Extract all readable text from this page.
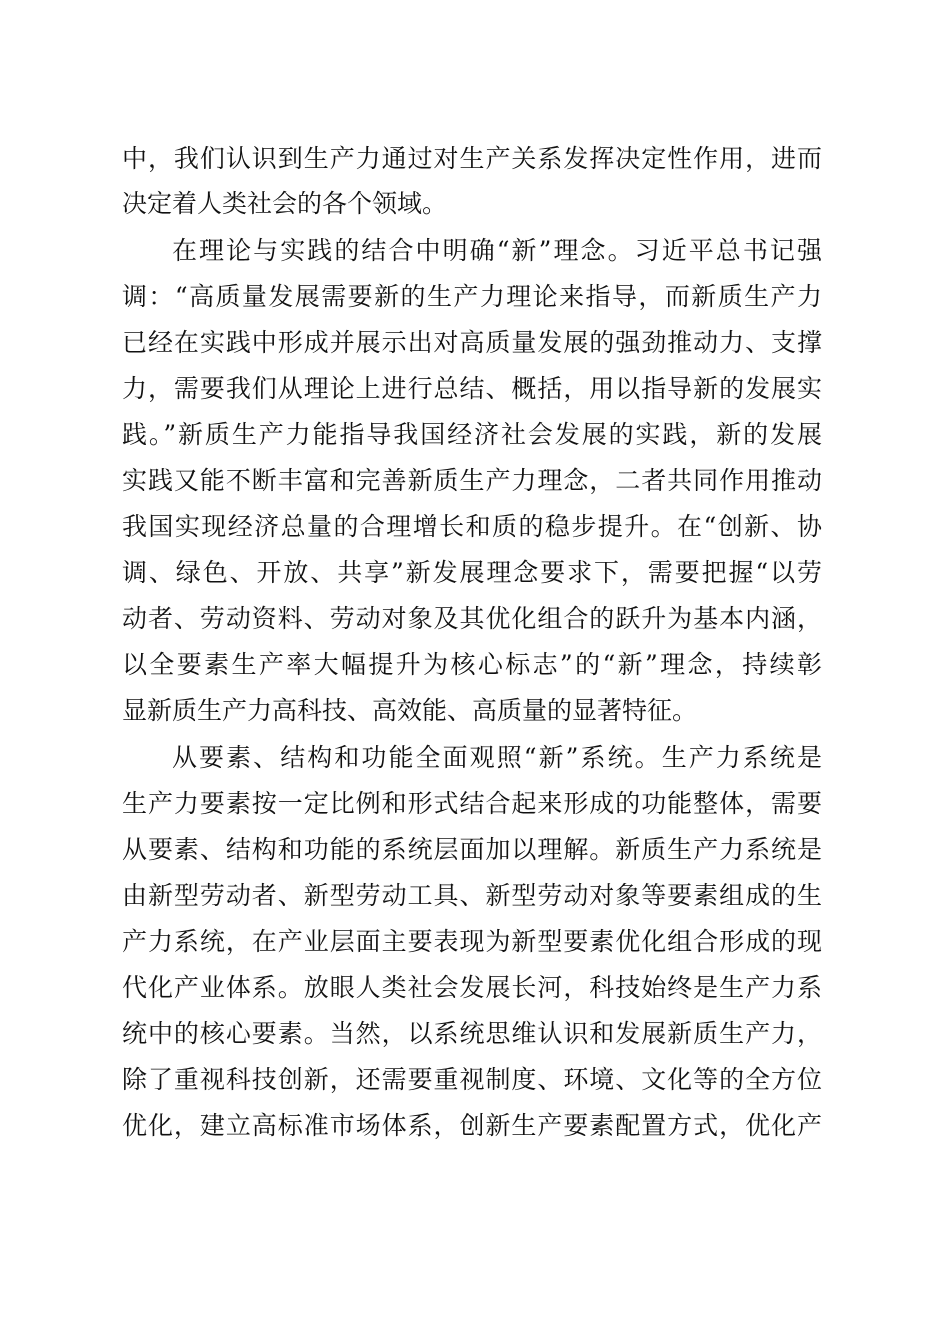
中，我们认识到生产力通过对生产关系发挥决定性作用，进而
决定着人类社会的各个领域。
在理论与实践的结合中明确“新”理念。习近平总书记强
调：“高质量发展需要新的生产力理论来指导，而新质生产力
已经在实践中形成并展示出对高质量发展的强劲推动力、支撑
力，需要我们从理论上进行总结、概括，用以指导新的发展实
践。”新质生产力能指导我国经济社会发展的实践，新的发展
实践又能不断丰富和完善新质生产力理念，二者共同作用推动
我国实现经济总量的合理增长和质的稳步提升。在“创新、协
调、绿色、开放、共享”新发展理念要求下，需要把握“以劳
动者、劳动资料、劳动对象及其优化组合的跃升为基本内涵，
以全要素生产率大幅提升为核心标志”的“新”理念，持续彰
显新质生产力高科技、高效能、高质量的显著特征。
从要素、结构和功能全面观照“新”系统。生产力系统是
生产力要素按一定比例和形式结合起来形成的功能整体，需要
从要素、结构和功能的系统层面加以理解。新质生产力系统是
由新型劳动者、新型劳动工具、新型劳动对象等要素组成的生
产力系统，在产业层面主要表现为新型要素优化组合形成的现
代化产业体系。放眼人类社会发展长河，科技始终是生产力系
统中的核心要素。当然，以系统思维认识和发展新质生产力，
除了重视科技创新，还需要重视制度、环境、文化等的全方位
优化，建立高标准市场体系，创新生产要素配置方式，优化产
